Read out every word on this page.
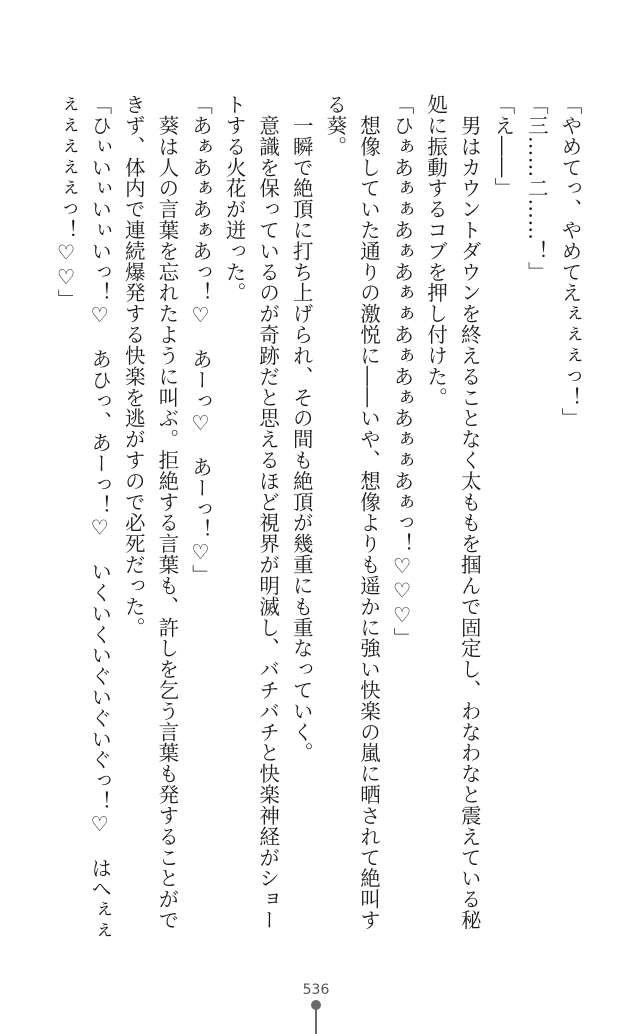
「やめてっ、やめてえぇぇぇっ！」
「三……二……！」
「え――」
　男はカウントダウンを終えることなく太ももを掴んで固定し、わなわなと震えている秘
処に振動するコブを押し付けた。
「ひぁあぁぁあぁあぁぁあぁあぁあぁぁあぁっ！♡♡♡」
　想像していた通りの激悦に――いや、想像よりも遥かに強い快楽の嵐に晒されて絶叫す
る葵。
　一瞬で絶頂に打ち上げられ、その間も絶頂が幾重にも重なっていく。
　意識を保っているのが奇跡だと思えるほど視界が明滅し、バチバチと快楽神経がショー
トする火花が迸った。
「あぁあぁあぁあっ！♡　あーっ♡　あーっ！♡」
　葵は人の言葉を忘れたように叫ぶ。拒絶する言葉も、許しを乞う言葉も発することがで
きず、体内で連続爆発する快楽を逃がすので必死だった。
「ひぃいぃいぃいっ！♡　あひっ、あーっ！♡　いくいくいぐいぐいぐっ！♡　はへぇぇ
ぇぇぇぇぇっ！♡♡」
536
